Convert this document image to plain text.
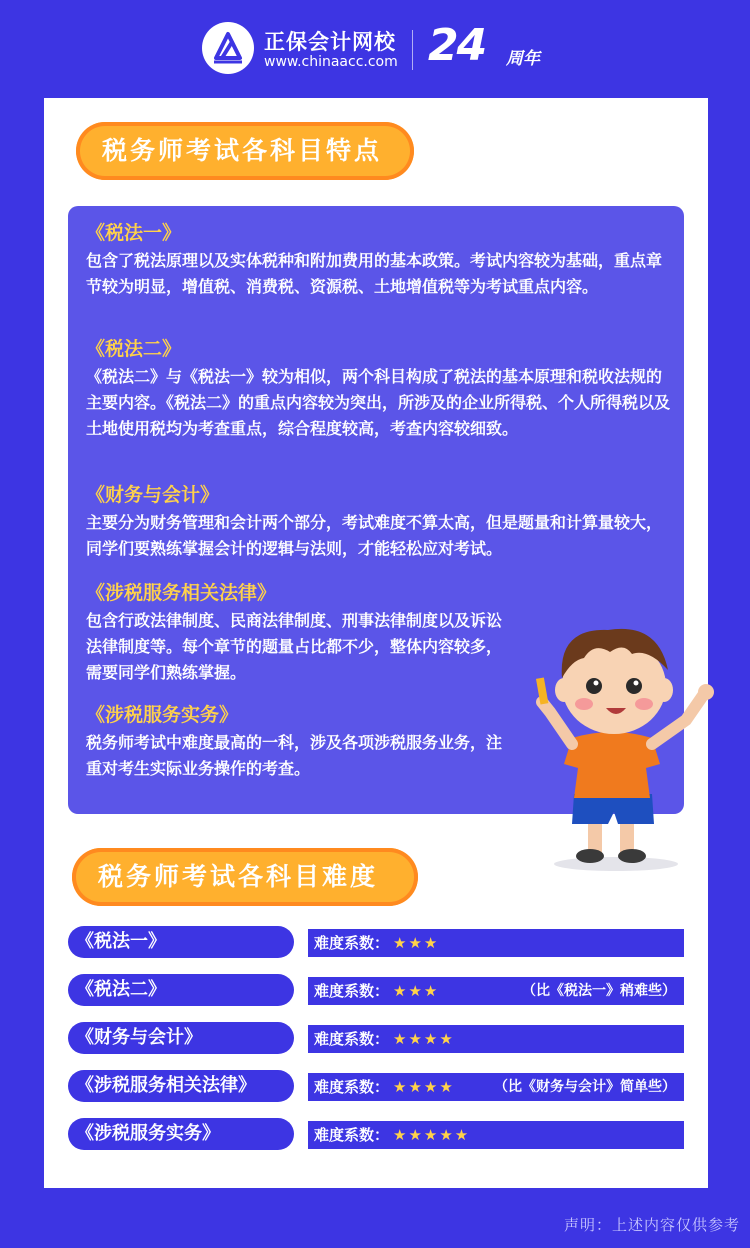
正保会计网校
www.chinaacc.com 24 周年
税务师考试各科目特点
《税法一》
包含了税法原理以及实体税种和附加费用的基本政策。考试内容较为基础，重点章节较为明显，增值税、消费税、资源税、土地增值税等为考试重点内容。
《税法二》
《税法二》与《税法一》较为相似，两个科目构成了税法的基本原理和税收法规的主要内容。《税法二》的重点内容较为突出，所涉及的企业所得税、个人所得税以及土地使用税均为考查重点，综合程度较高，考查内容较细致。
《财务与会计》
主要分为财务管理和会计两个部分，考试难度不算太高，但是题量和计算量较大，同学们要熟练掌握会计的逻辑与法则，才能轻松应对考试。
《涉税服务相关法律》
包含行政法律制度、民商法律制度、刑事法律制度以及诉讼法律制度等。每个章节的题量占比都不少，整体内容较多，需要同学们熟练掌握。
《涉税服务实务》
税务师考试中难度最高的一科，涉及各项涉税服务业务，注重对考生实际业务操作的考查。
税务师考试各科目难度
《税法一》	难度系数： ★★★
《税法二》	难度系数： ★★★	（比《税法一》稍难些）
《财务与会计》	难度系数： ★★★★
《涉税服务相关法律》	难度系数： ★★★★	（比《财务与会计》简单些）
《涉税服务实务》	难度系数： ★★★★★
声明：上述内容仅供参考
